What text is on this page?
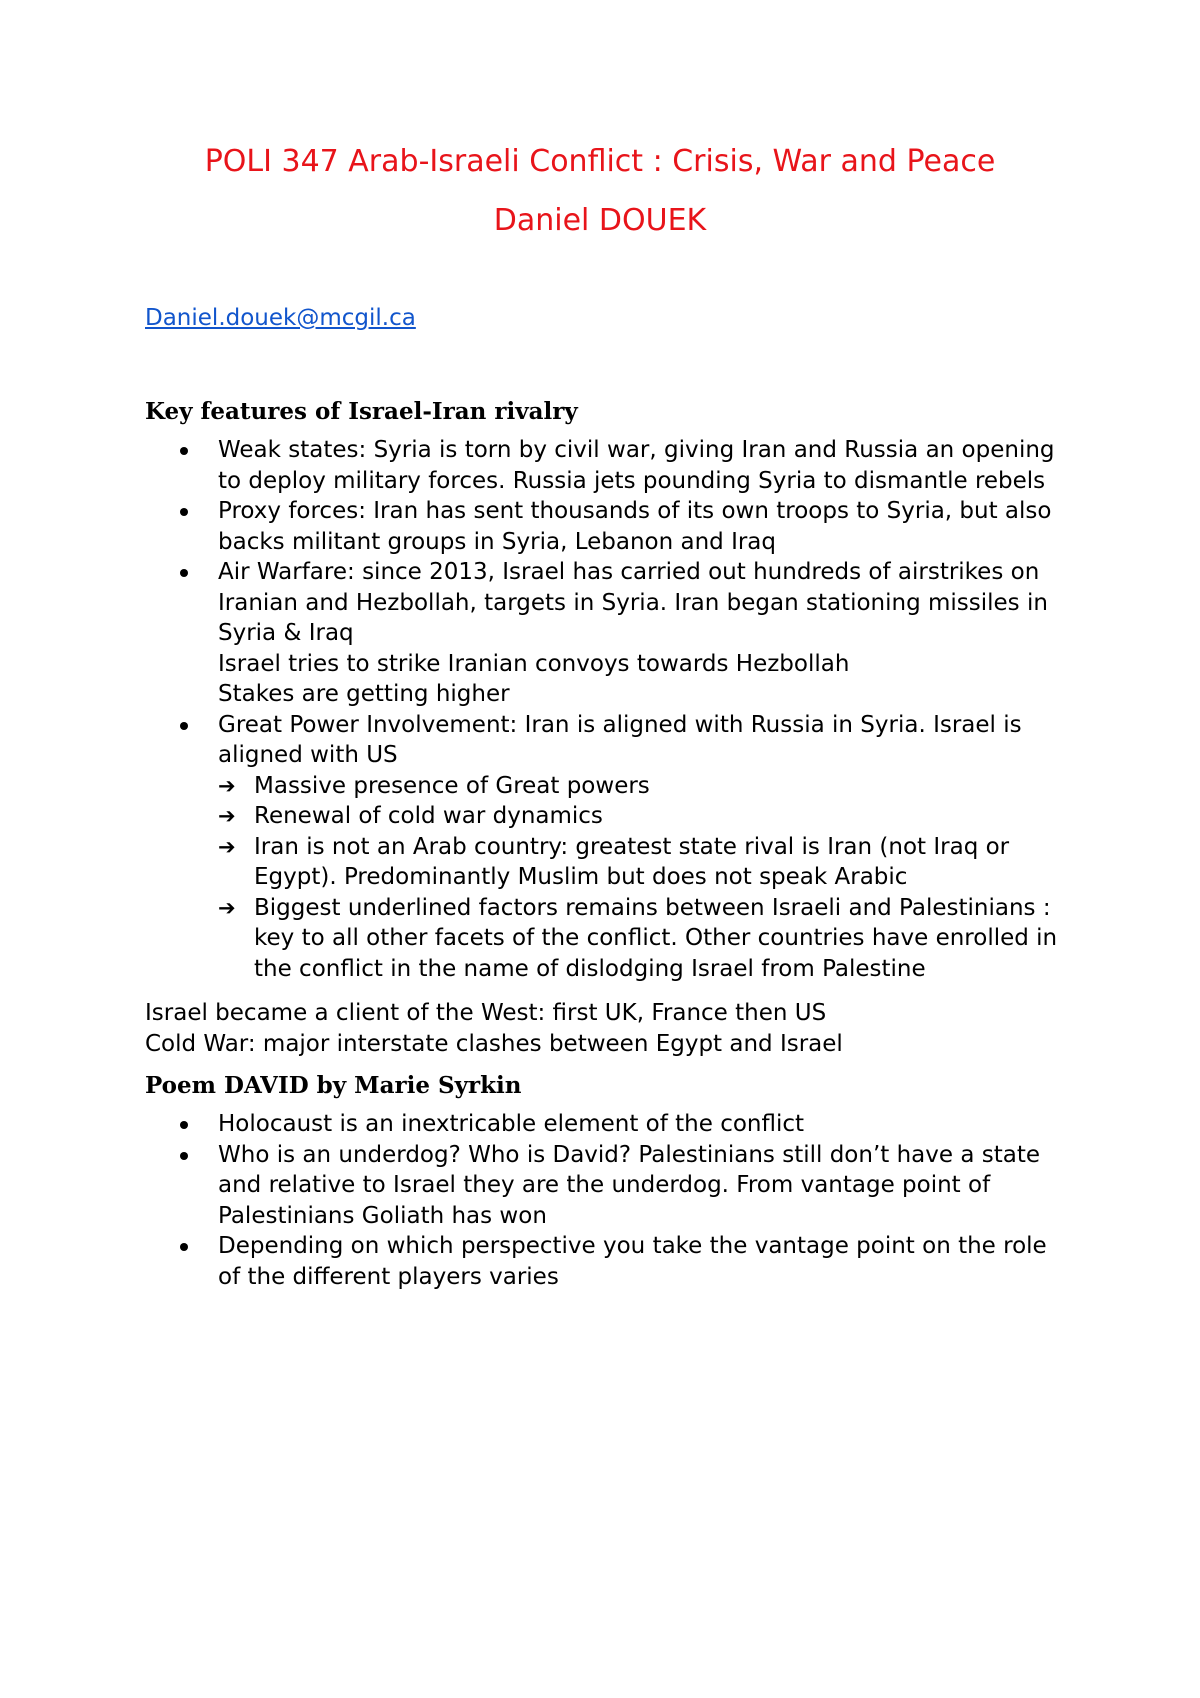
POLI 347 Arab-Israeli Conflict : Crisis, War and Peace
Daniel DOUEK
Daniel.douek@mcgil.ca
Key features of Israel-Iran rivalry
Weak states: Syria is torn by civil war, giving Iran and Russia an opening to deploy military forces. Russia jets pounding Syria to dismantle rebels
Proxy forces: Iran has sent thousands of its own troops to Syria, but also backs militant groups in Syria, Lebanon and Iraq
Air Warfare: since 2013, Israel has carried out hundreds of airstrikes on Iranian and Hezbollah, targets in Syria. Iran began stationing missiles in Syria & Iraq
Israel tries to strike Iranian convoys towards Hezbollah
Stakes are getting higher
Great Power Involvement: Iran is aligned with Russia in Syria. Israel is aligned with US
➔ Massive presence of Great powers
➔ Renewal of cold war dynamics
➔ Iran is not an Arab country: greatest state rival is Iran (not Iraq or Egypt). Predominantly Muslim but does not speak Arabic
➔ Biggest underlined factors remains between Israeli and Palestinians : key to all other facets of the conflict. Other countries have enrolled in the conflict in the name of dislodging Israel from Palestine

Israel became a client of the West: first UK, France then US
Cold War: major interstate clashes between Egypt and Israel

Poem DAVID by Marie Syrkin
Holocaust is an inextricable element of the conflict
Who is an underdog? Who is David? Palestinians still don’t have a state and relative to Israel they are the underdog. From vantage point of Palestinians Goliath has won
Depending on which perspective you take the vantage point on the role of the different players varies
